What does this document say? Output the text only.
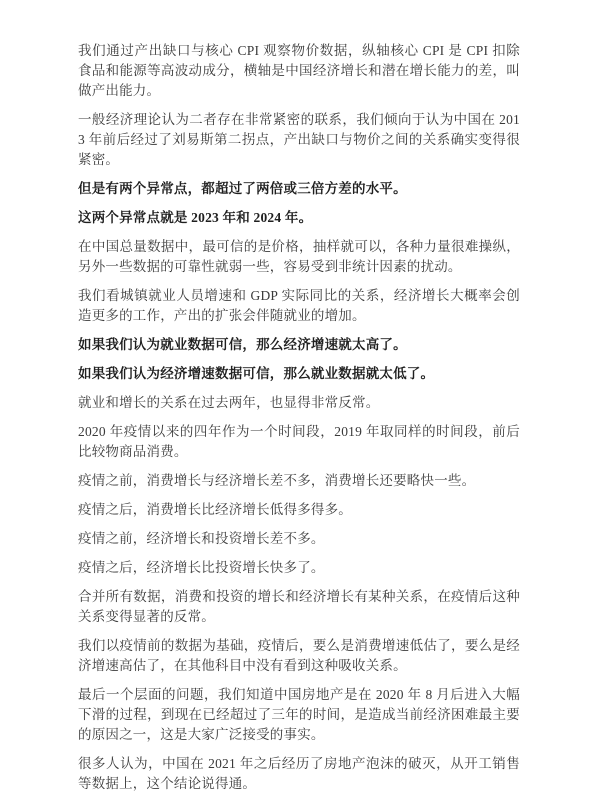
我们通过产出缺口与核心 CPI 观察物价数据，纵轴核心 CPI 是 CPI 扣除食品和能源等高波动成分，横轴是中国经济增长和潜在增长能力的差，叫做产出能力。

一般经济理论认为二者存在非常紧密的联系，我们倾向于认为中国在 2013 年前后经过了刘易斯第二拐点，产出缺口与物价之间的关系确实变得很紧密。

但是有两个异常点，都超过了两倍或三倍方差的水平。

这两个异常点就是 2023 年和 2024 年。

在中国总量数据中，最可信的是价格，抽样就可以，各种力量很难操纵，另外一些数据的可靠性就弱一些，容易受到非统计因素的扰动。

我们看城镇就业人员增速和 GDP 实际同比的关系，经济增长大概率会创造更多的工作，产出的扩张会伴随就业的增加。

如果我们认为就业数据可信，那么经济增速就太高了。

如果我们认为经济增速数据可信，那么就业数据就太低了。

就业和增长的关系在过去两年，也显得非常反常。

2020 年疫情以来的四年作为一个时间段，2019 年取同样的时间段，前后比较物商品消费。

疫情之前，消费增长与经济增长差不多，消费增长还要略快一些。

疫情之后，消费增长比经济增长低得多得多。

疫情之前，经济增长和投资增长差不多。

疫情之后，经济增长比投资增长快多了。

合并所有数据，消费和投资的增长和经济增长有某种关系，在疫情后这种关系变得显著的反常。

我们以疫情前的数据为基础，疫情后，要么是消费增速低估了，要么是经济增速高估了，在其他科目中没有看到这种吸收关系。

最后一个层面的问题，我们知道中国房地产是在 2020 年 8 月后进入大幅下滑的过程，到现在已经超过了三年的时间，是造成当前经济困难最主要的原因之一，这是大家广泛接受的事实。

很多人认为，中国在 2021 年之后经历了房地产泡沫的破灭，从开工销售等数据上，这个结论说得通。
